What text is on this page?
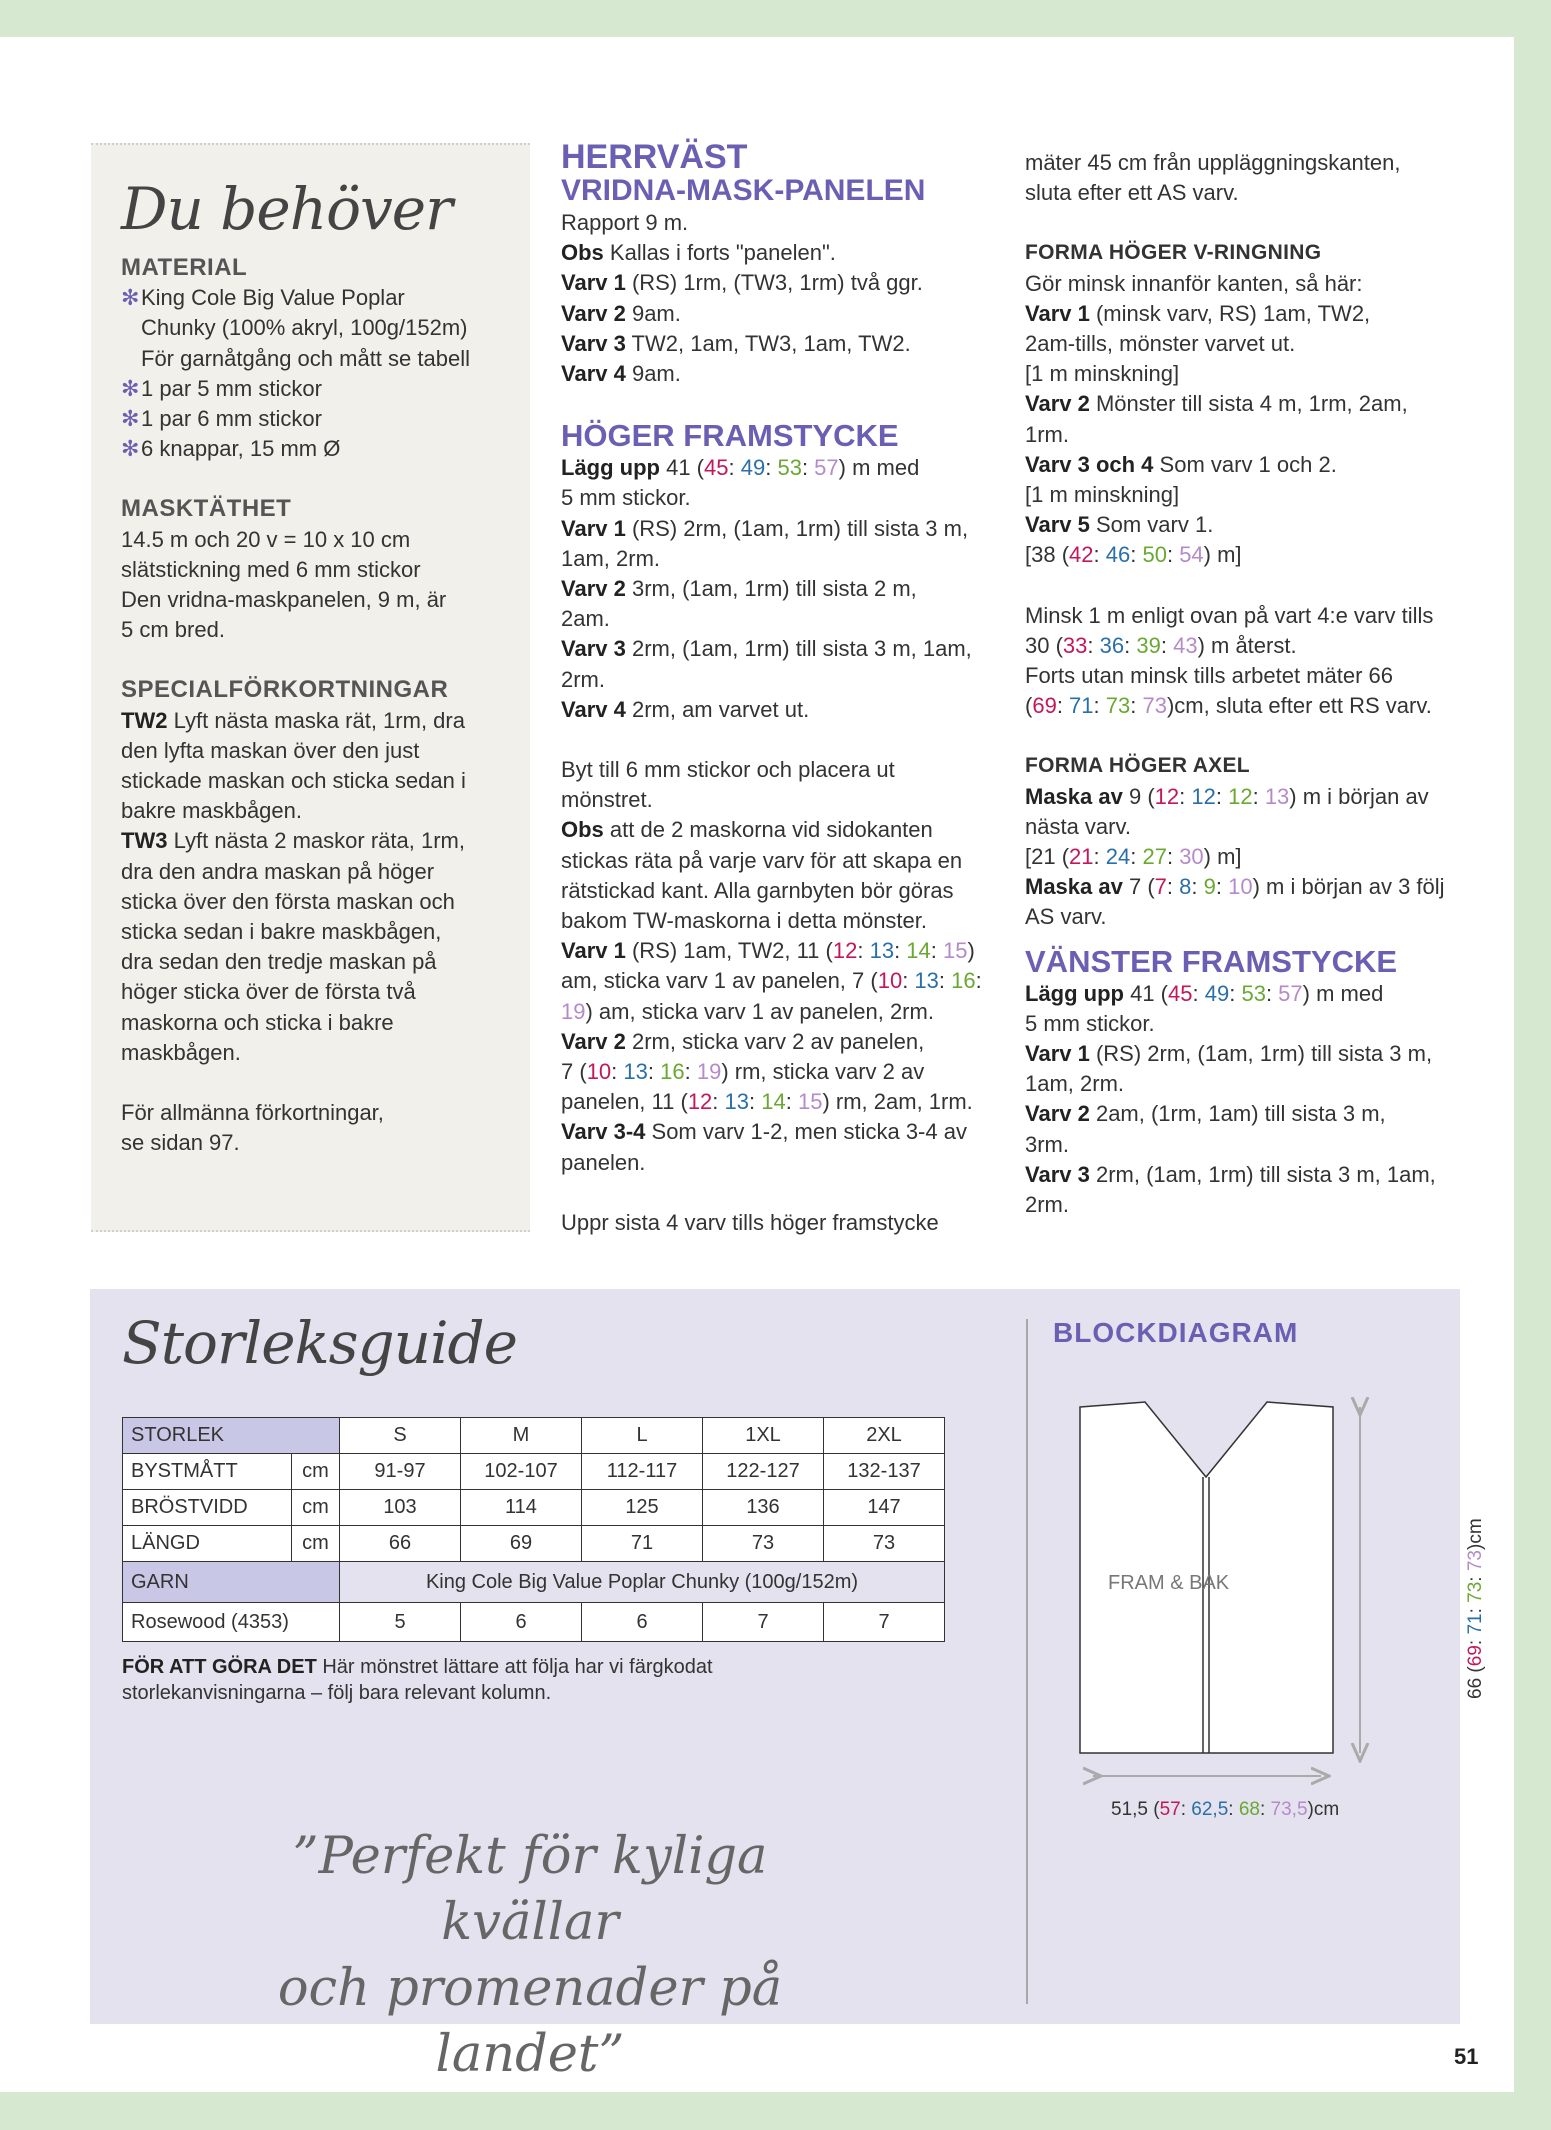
Du behöver
MATERIAL
✻ King Cole Big Value Poplar
Chunky (100% akryl, 100g/152m)
För garnåtgång och mått se tabell
✻ 1 par 5 mm stickor
✻ 1 par 6 mm stickor
✻ 6 knappar, 15 mm Ø
MASKTÄTHET

14.5 m och 20 v = 10 x 10 cm

slätstickning med 6 mm stickor

Den vridna-maskpanelen, 9 m, är

5 cm bred.

SPECIALFÖRKORTNINGAR

TW2 Lyft nästa maska rät, 1rm, dra

den lyfta maskan över den just

stickade maskan och sticka sedan i

bakre maskbågen.

TW3 Lyft nästa 2 maskor räta, 1rm,

dra den andra maskan på höger

sticka över den första maskan och

sticka sedan i bakre maskbågen,

dra sedan den tredje maskan på

höger sticka över de första två

maskorna och sticka i bakre

maskbågen.

För allmänna förkortningar,

se sidan 97.

HERRVÄST
VRIDNA-MASK-PANELEN

Rapport 9 m.

Obs Kallas i forts "panelen".

Varv 1 (RS) 1rm, (TW3, 1rm) två ggr.

Varv 2 9am.

Varv 3 TW2, 1am, TW3, 1am, TW2.

Varv 4 9am.

HÖGER FRAMSTYCKE

Lägg upp 41 (45: 49: 53: 57) m med

5 mm stickor.

Varv 1 (RS) 2rm, (1am, 1rm) till sista 3 m,

1am, 2rm.

Varv 2 3rm, (1am, 1rm) till sista 2 m,

2am.

Varv 3 2rm, (1am, 1rm) till sista 3 m, 1am,

2rm.

Varv 4 2rm, am varvet ut.

Byt till 6 mm stickor och placera ut

mönstret.

Obs att de 2 maskorna vid sidokanten

stickas räta på varje varv för att skapa en

rätstickad kant. Alla garnbyten bör göras

bakom TW-maskorna i detta mönster.

Varv 1 (RS) 1am, TW2, 11 (12: 13: 14: 15)

am, sticka varv 1 av panelen, 7 (10: 13: 16:

19) am, sticka varv 1 av panelen, 2rm.

Varv 2 2rm, sticka varv 2 av panelen,

7 (10: 13: 16: 19) rm, sticka varv 2 av

panelen, 11 (12: 13: 14: 15) rm, 2am, 1rm.

Varv 3-4 Som varv 1-2, men sticka 3-4 av

panelen.

Uppr sista 4 varv tills höger framstycke

mäter 45 cm från uppläggningskanten,

sluta efter ett AS varv.

FORMA HÖGER V-RINGNING

Gör minsk innanför kanten, så här:

Varv 1 (minsk varv, RS) 1am, TW2,

2am-tills, mönster varvet ut.

[1 m minskning]

Varv 2 Mönster till sista 4 m, 1rm, 2am,

1rm.

Varv 3 och 4 Som varv 1 och 2.

[1 m minskning]

Varv 5 Som varv 1.

[38 (42: 46: 50: 54) m]

Minsk 1 m enligt ovan på vart 4:e varv tills

30 (33: 36: 39: 43) m återst.

Forts utan minsk tills arbetet mäter 66

(69: 71: 73: 73)cm, sluta efter ett RS varv.

FORMA HÖGER AXEL

Maska av 9 (12: 12: 12: 13) m i början av

nästa varv.

[21 (21: 24: 27: 30) m]

Maska av 7 (7: 8: 9: 10) m i början av 3 följ

AS varv.

VÄNSTER FRAMSTYCKE

Lägg upp 41 (45: 49: 53: 57) m med

5 mm stickor.

Varv 1 (RS) 2rm, (1am, 1rm) till sista 3 m,

1am, 2rm.

Varv 2 2am, (1rm, 1am) till sista 3 m,

3rm.

Varv 3 2rm, (1am, 1rm) till sista 3 m, 1am,

2rm.

Storleksguide
STORLEK		S	M	L	1XL	2XL
BYSTMÅTT	cm	91-97	102-107	112-117	122-127	132-137
BRÖSTVIDD	cm	103	114	125	136	147
LÄNGD	cm	66	69	71	73	73
GARN		King Cole Big Value Poplar Chunky (100g/152m)				
Rosewood (4353)		5	6	6	7	7
FÖR ATT GÖRA DET Här mönstret lättare att följa har vi färgkodat
storlekanvisningarna – följ bara relevant kolumn.
”Perfekt för kyliga kvällar
och promenader på landet”
BLOCKDIAGRAM
FRAM & BAK
51,5 (57: 62,5: 68: 73,5)cm
66 (69: 71: 73: 73)cm
51
